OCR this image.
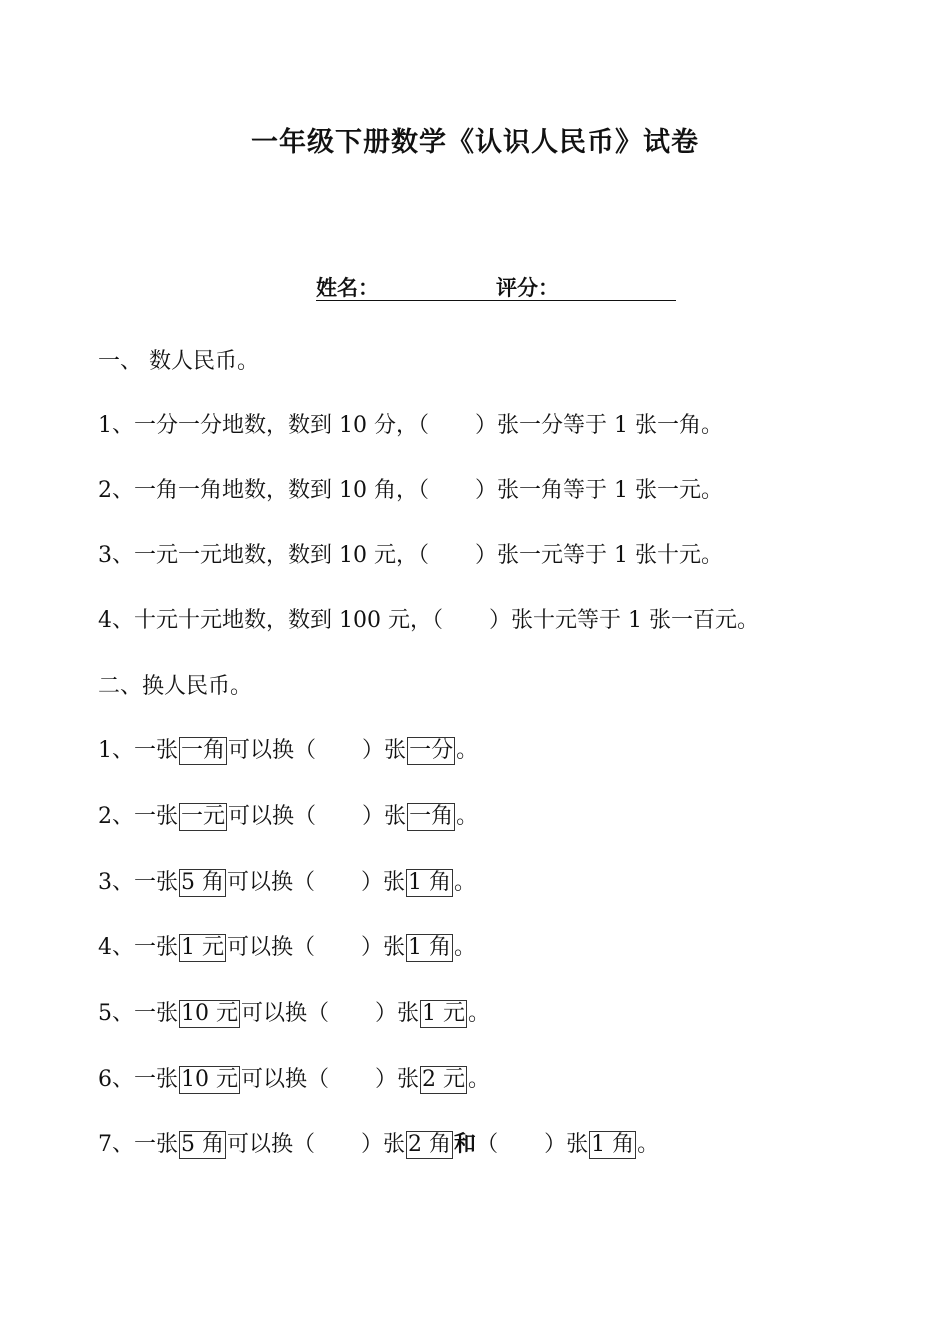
一年级下册数学《认识人民币》试卷
姓名：	评分：
一、 数人民币。
1、一分一分地数，数到 10 分，（ ）张一分等于 1 张一角。
2、一角一角地数，数到 10 角，（ ）张一角等于 1 张一元。
3、一元一元地数，数到 10 元，（ ）张一元等于 1 张十元。
4、十元十元地数，数到 100 元，（ ）张十元等于 1 张一百元。
二、换人民币。
1、一张 一角 可以换（ ）张 一分 。
2、一张 一元 可以换（ ）张 一角 。
3、一张 5 角 可以换（ ）张 1 角 。
4、一张 1 元 可以换（ ）张 1 角 。
5、一张 10 元 可以换（ ）张 1 元 。
6、一张 10 元 可以换（ ）张 2 元 。
7、一张 5 角 可以换（ ）张 2 角 和（ ）张 1 角 。
